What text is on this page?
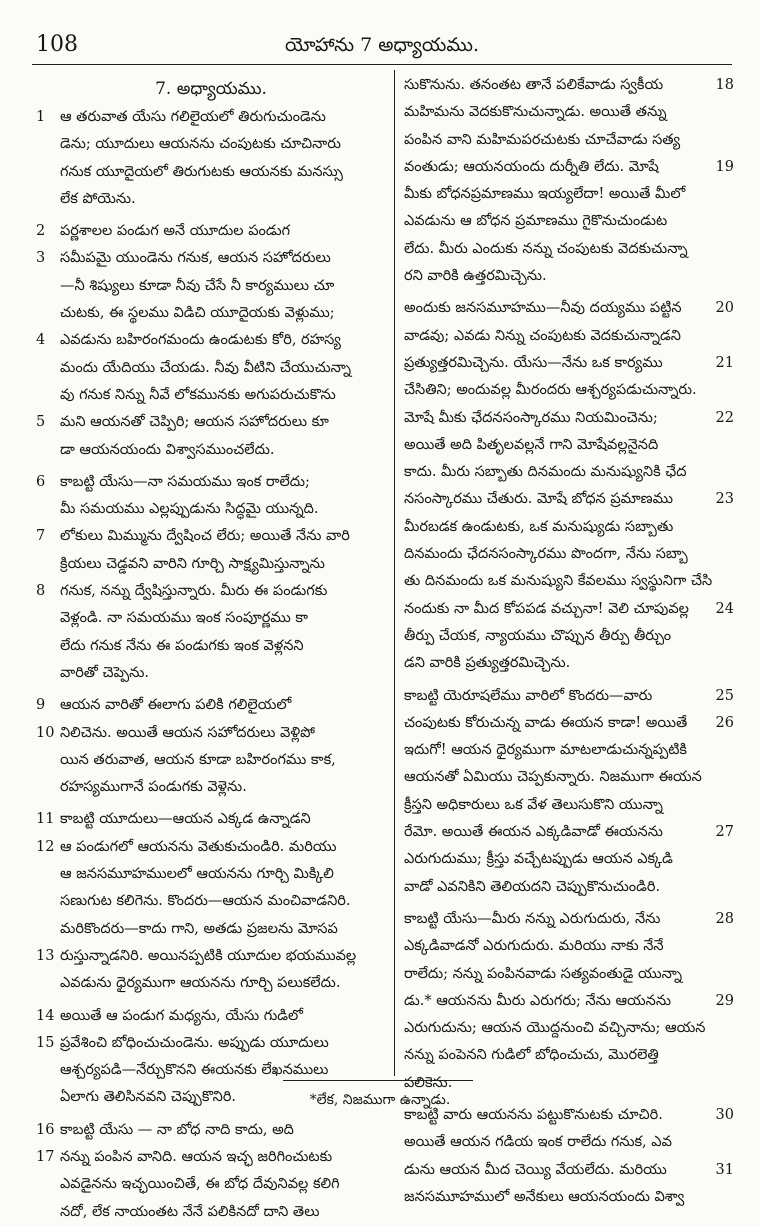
108	యోహాను 7 అధ్యాయము.
7. అధ్యాయము.
1 ఆ తరువాత యేసు గలిలైయలో తిరుగుచుండెను
డెను; యూదులు ఆయనను చంపుటకు చూచినారు
గనుక యూదైయలో తిరుగుటకు ఆయనకు మనస్సు
లేక పోయెను.
2 పర్ణశాలల పండుగ అనే యూదుల పండుగ
3 సమీపమై యుండెను గనుక, ఆయన సహోదరులు
—నీ శిష్యులు కూడా నీవు చేసే నీ కార్యములు చూ
చుటకు, ఈ స్థలము విడిచి యూదైయకు వెళ్లుము;
4 ఎవడును బహిరంగమందు ఉండుటకు కోరి, రహస్య
మందు యేదియు చేయడు. నీవు వీటిని చేయుచున్నా
వు గనుక నిన్ను నీవే లోకమునకు అగుపరుచుకొను
5 మని ఆయనతో చెప్పిరి; ఆయన సహోదరులు కూ
డా ఆయనయందు విశ్వాసముంచలేదు.
6 కాబట్టి యేసు—నా సమయము ఇంక రాలేదు;
మీ సమయము ఎల్లప్పుడును సిద్ధమై యున్నది.
7 లోకులు మిమ్మును ద్వేషించ లేరు; అయితే నేను వారి
క్రియలు చెడ్డవని వారిని గూర్చి సాక్ష్యమిస్తున్నాను
8 గనుక, నన్ను ద్వేషిస్తున్నారు. మీరు ఈ పండుగకు
వెళ్లండి. నా సమయము ఇంక సంపూర్ణము కా
లేదు గనుక నేను ఈ పండుగకు ఇంక వెళ్లనని
వారితో చెప్పెను.
9 ఆయన వారితో ఈలాగు పలికి గలిలైయలో
10 నిలిచెను. అయితే ఆయన సహోదరులు వెళ్లిపో
యిన తరువాత, ఆయన కూడా బహిరంగము కాక,
రహస్యముగానే పండుగకు వెళ్లెను.
11 కాబట్టి యూదులు—ఆయన ఎక్కడ ఉన్నాడని
12 ఆ పండుగలో ఆయనను వెతుకుచుండిరి. మరియు
ఆ జనసమూహములలో ఆయనను గూర్చి మిక్కిలి
సణుగుట కలిగెను. కొందరు—ఆయన మంచివాడనిరి.
మరికొందరు—కాదు గాని, అతడు ప్రజలను మోసప
13 రుస్తున్నాడనిరి. అయినప్పటికి యూదుల భయమువల్ల
ఎవడును ధైర్యముగా ఆయనను గూర్చి పలుకలేదు.
14 అయితే ఆ పండుగ మధ్యను, యేసు గుడిలో
15 ప్రవేశించి బోధించుచుండెను. అప్పుడు యూదులు
ఆశ్చర్యపడి—నేర్చుకొనని ఈయనకు లేఖనములు
ఏలాగు తెలిసినవని చెప్పుకొనిరి.
16 కాబట్టి యేసు — నా బోధ నాది కాదు, అది
17 నన్ను పంపిన వానిది. ఆయన ఇచ్ఛ జరిగించుటకు
ఎవడైనను ఇచ్ఛయించితే, ఈ బోధ దేవునివల్ల కలిగి
నదో, లేక నాయంతట నేనే పలికినదో దాని తెలు
18
సుకొనును. తనంతట తానే పలికేవాడు స్వకీయ
మహిమను వెదకుకొనుచున్నాడు. అయితే తన్ను
పంపిన వాని మహిమపరచుటకు చూచేవాడు సత్య
19
వంతుడు; ఆయనయందు దుర్నీతి లేదు. మోషే
మీకు బోధనప్రమాణము ఇయ్యలేదా! అయితే మీలో
ఎవడును ఆ బోధన ప్రమాణము గైకొనుచుండుట
లేదు. మీరు ఎందుకు నన్ను చంపుటకు వెదకుచున్నా
రని వారికి ఉత్తరమిచ్చెను.
20
అందుకు జనసమూహము—నీవు దయ్యము పట్టిన
వాడవు; ఎవడు నిన్ను చంపుటకు వెదకుచున్నాడని
21
ప్రత్యుత్తరమిచ్చెను. యేసు—నేను ఒక కార్యము
చేసితిని; అందువల్ల మీరందరు ఆశ్చర్యపడుచున్నారు.
22
మోషే మీకు ఛేదనసంస్కారము నియమించెను;
అయితే అది పితృలవల్లనే గాని మోషేవల్లనైనది
కాదు. మీరు సబ్బాతు దినమందు మనుష్యునికి ఛేద
23
నసంస్కారము చేతురు. మోషే బోధన ప్రమాణము
మీరబడక ఉండుటకు, ఒక మనుష్యుడు సబ్బాతు
దినమందు ఛేదనసంస్కారము పొందగా, నేను సబ్బా
తు దినమందు ఒక మనుష్యుని కేవలము స్వస్థునిగా చేసి
24
నందుకు నా మీద కోపపడ వచ్చునా! వెలి చూపువల్ల
తీర్పు చేయక, న్యాయము చొప్పున తీర్పు తీర్చుం
డని వారికి ప్రత్యుత్తరమిచ్చెను.
25
కాబట్టి యెరూషలేము వారిలో కొందరు—వారు
26
చంపుటకు కోరుచున్న వాడు ఈయన కాడా! అయితే
ఇదుగో! ఆయన ధైర్యముగా మాటలాడుచున్నప్పటికి
ఆయనతో ఏమియు చెప్పకున్నారు. నిజముగా ఈయన
క్రీస్తని అధికారులు ఒక వేళ తెలుసుకొని యున్నా
27
రేమో. అయితే ఈయన ఎక్కడివాడో ఈయనను
ఎరుగుదుము; క్రీస్తు వచ్చేటప్పుడు ఆయన ఎక్కడి
వాడో ఎవనికిని తెలియదని చెప్పుకొనుచుండిరి.
28
కాబట్టి యేసు—మీరు నన్ను ఎరుగుదురు, నేను
ఎక్కడివాడనో ఎరుగుదురు. మరియు నాకు నేనే
రాలేదు; నన్ను పంపినవాడు సత్యవంతుడై యున్నా
29
డు.* ఆయనను మీరు ఎరుగరు; నేను ఆయనను
ఎరుగుదును; ఆయన యొద్దనుంచి వచ్చినాను; ఆయన
నన్ను పంపెనని గుడిలో బోధించుచు, మొరలెత్తి
పలికెను.
30
కాబట్టి వారు ఆయనను పట్టుకొనుటకు చూచిరి.
అయితే ఆయన గడియ ఇంక రాలేదు గనుక, ఎవ
31
డును ఆయన మీద చెయ్యి వేయలేదు. మరియు
జనసమూహములో అనేకులు ఆయనయందు విశ్వా
*లేక, నిజముగా ఉన్నాడు.
